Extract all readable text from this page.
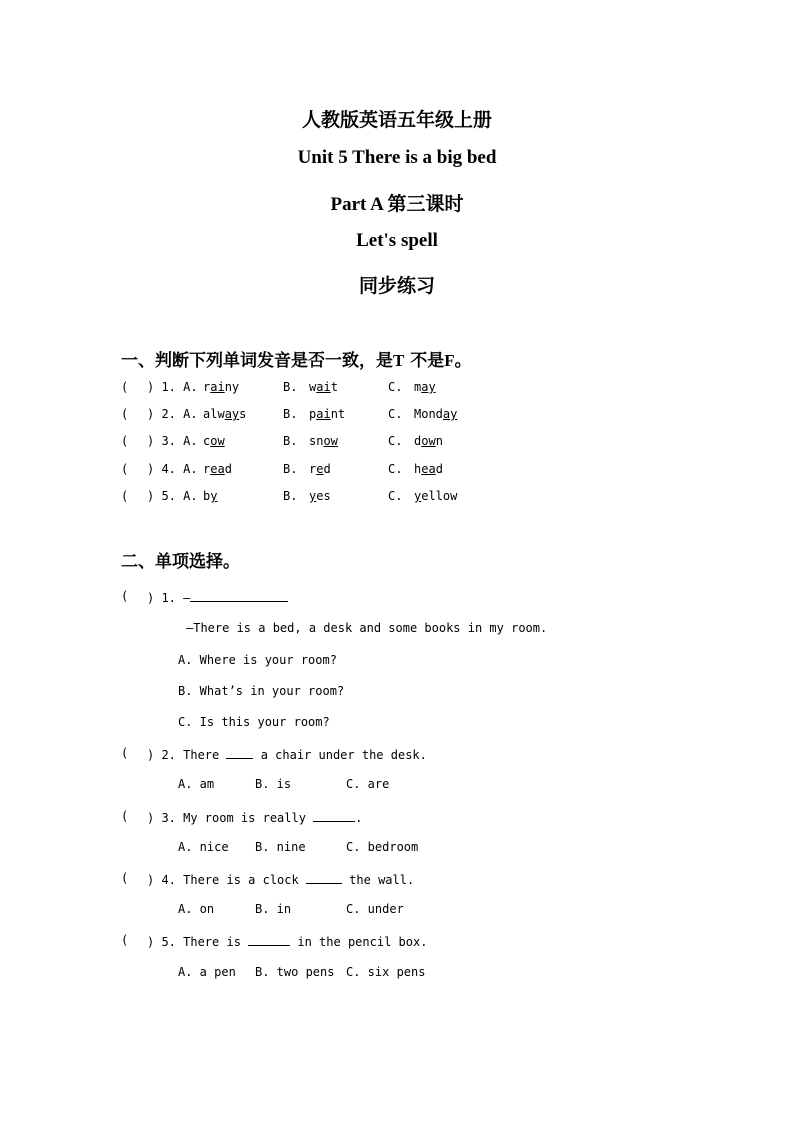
人教版英语五年级上册
Unit 5 There is a big bed
Part A 第三课时
Let's spell
同步练习
一、判断下列单词发音是否一致，是T 不是F。
( ) 1. A. rainy	B. wait	C. may
( ) 2. A. always	B. paint	C. Monday
( ) 3. A. cow	B. snow	C. down
( ) 4. A. read	B. red	C. head
( ) 5. A. by	B. yes	C. yellow
二、单项选择。
( ) 1. —
—There is a bed, a desk and some books in my room.
A. Where is your room?
B. What’s in your room?
C. Is this your room?
( ) 2. There  a chair under the desk.
A. am	B. is	C. are
( ) 3. My room is really	.
A. nice B. nine	C. bedroom
( ) 4. There is a clock	the wall.
A. on	B. in	C. under
( ) 5. There is	in the pencil box.
A. a pen B. two pens C. six pens
